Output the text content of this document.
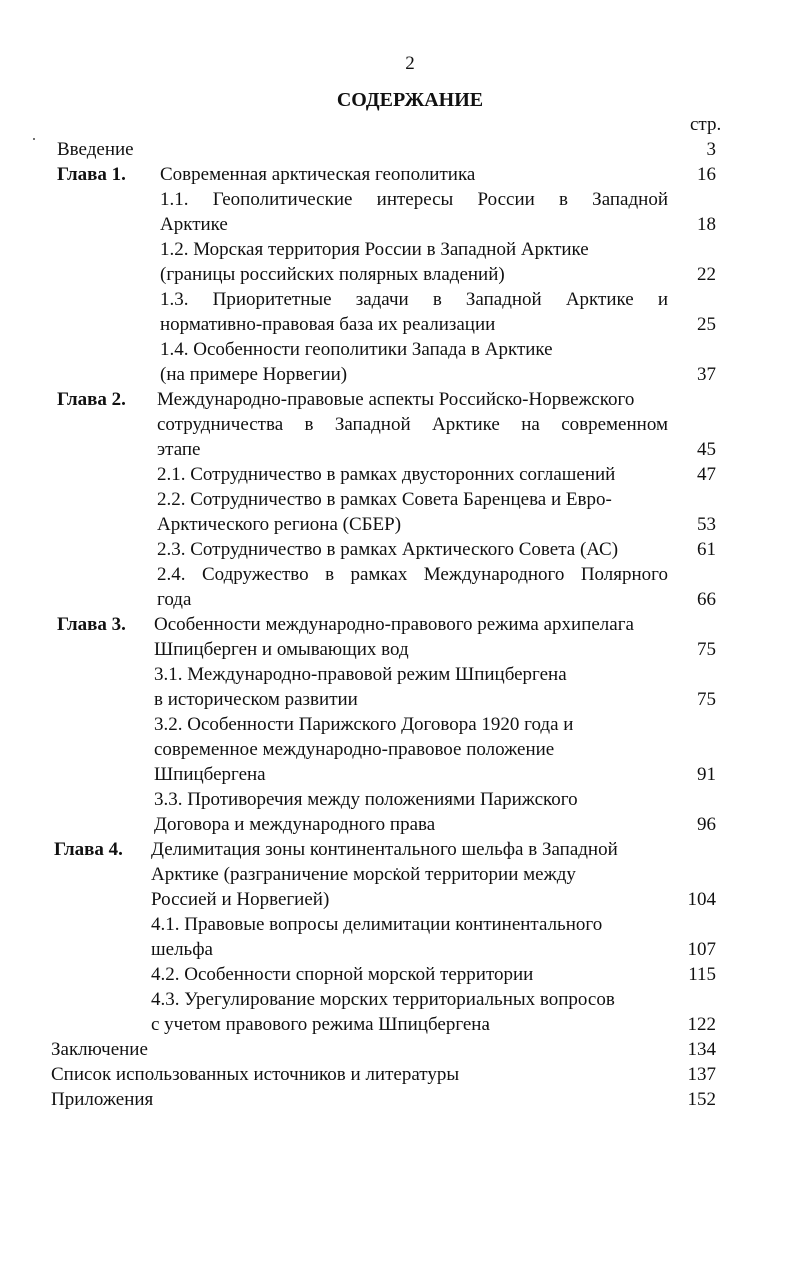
2
СОДЕРЖАНИЕ
стр.
Введение	3
Глава 1. Современная арктическая геополитика	16
1.1. Геополитические интересы России в Западной
Арктике	18
1.2. Морская территория России в Западной Арктике
(границы российских полярных владений)	22
1.3. Приоритетные задачи в Западной Арктике и
нормативно-правовая база их реализации	25
1.4. Особенности геополитики Запада в Арктике
(на примере Норвегии)	37
Глава 2. Международно-правовые аспекты Российско-Норвежского
сотрудничества в Западной Арктике на современном
этапе	45
2.1. Сотрудничество в рамках двусторонних соглашений	47
2.2. Сотрудничество в рамках Совета Баренцева и Евро-
Арктического региона (СБЕР)	53
2.3. Сотрудничество в рамках Арктического Совета (АС)	61
2.4. Содружество в рамках Международного Полярного
года	66
Глава 3. Особенности международно-правового режима архипелага
Шпицберген и омывающих вод	75
3.1. Международно-правовой режим Шпицбергена
в историческом развитии	75
3.2. Особенности Парижского Договора 1920 года и
современное международно-правовое положение
Шпицбергена	91
3.3. Противоречия между положениями Парижского
Договора и международного права	96
Глава 4. Делимитация зоны континентального шельфа в Западной
Арктике (разграничение морской территории между
Россией и Норвегией)	104
4.1. Правовые вопросы делимитации континентального
шельфа	107
4.2. Особенности спорной морской территории	115
4.3. Урегулирование морских территориальных вопросов
с учетом правового режима Шпицбергена	122
Заключение	134
Список использованных источников и литературы	137
Приложения	152
